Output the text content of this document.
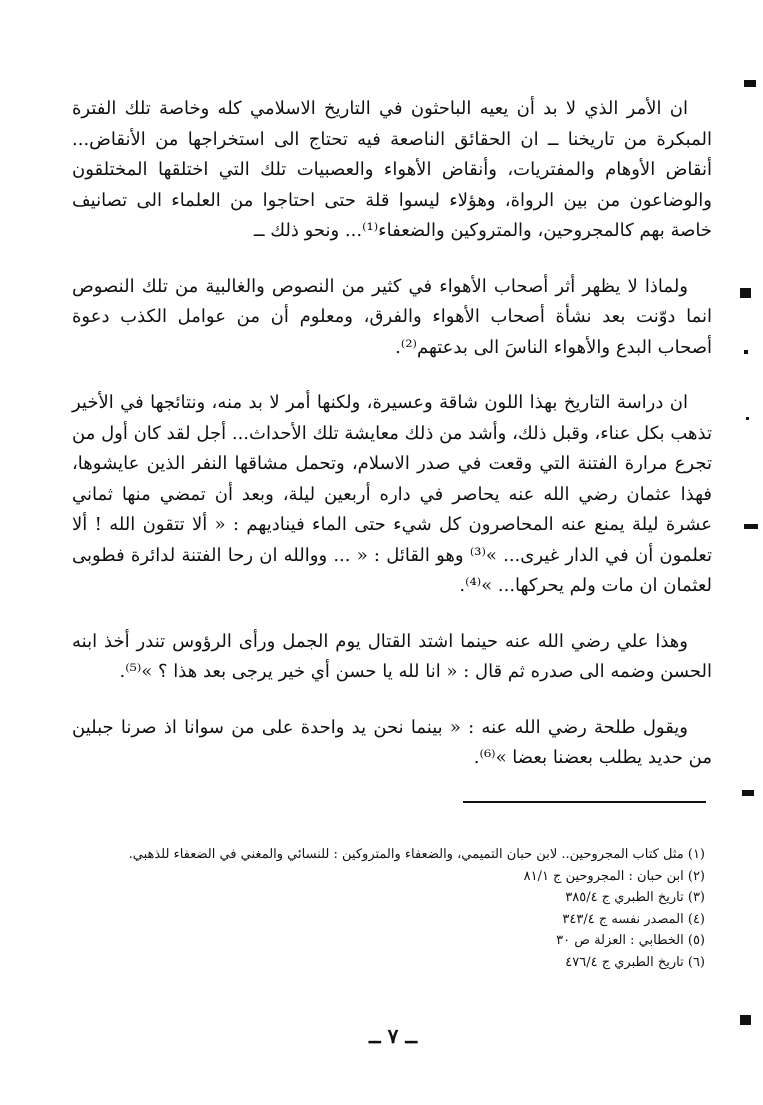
ان الأمر الذي لا بد أن يعيه الباحثون في التاريخ الاسلامي كله وخاصة تلك الفترة المبكرة من تاريخنا ــ ان الحقائق الناصعة فيه تحتاج الى استخراجها من الأنقاض... أنقاض الأوهام والمفتريات، وأنقاض الأهواء والعصبيات تلك التي اختلقها المختلقون والوضاعون من بين الرواة، وهؤلاء ليسوا قلة حتى احتاجوا من العلماء الى تصانيف خاصة بهم كالمجروحين، والمتروكين والضعفاء⁽¹⁾... ونحو ذلك ــ

ولماذا لا يظهر أثر أصحاب الأهواء في كثير من النصوص والغالبية من تلك النصوص انما دوّنت بعد نشأة أصحاب الأهواء والفرق، ومعلوم أن من عوامل الكذب دعوة أصحاب البدع والأهواء الناسَ الى بدعتهم⁽²⁾.

ان دراسة التاريخ بهذا اللون شاقة وعسيرة، ولكنها أمر لا بد منه، ونتائجها في الأخير تذهب بكل عناء، وقبل ذلك، وأشد من ذلك معايشة تلك الأحداث... أجل لقد كان أول من تجرع مرارة الفتنة التي وقعت في صدر الاسلام، وتحمل مشاقها النفر الذين عايشوها، فهذا عثمان رضي الله عنه يحاصر في داره أربعين ليلة، وبعد أن تمضي منها ثماني عشرة ليلة يمنع عنه المحاصرون كل شيء حتى الماء فيناديهم : « ألا تتقون الله ! ألا تعلمون أن في الدار غيرى... »⁽³⁾ وهو القائل : « ... ووالله ان رحا الفتنة لدائرة فطوبى لعثمان ان مات ولم يحركها... »⁽⁴⁾.

وهذا علي رضي الله عنه حينما اشتد القتال يوم الجمل ورأى الرؤوس تندر أخذ ابنه الحسن وضمه الى صدره ثم قال : « انا لله يا حسن أي خير يرجى بعد هذا ؟ »⁽⁵⁾.

ويقول طلحة رضي الله عنه : « بينما نحن يد واحدة على من سوانا اذ صرنا جبلين من حديد يطلب بعضنا بعضا »⁽⁶⁾.

(١) مثل كتاب المجروحين.. لابن حبان التميمي، والضعفاء والمتروكين : للنسائي والمغني في الضعفاء للذهبي.
(٢) ابن حبان : المجروحين ج ٨١/١
(٣) تاريخ الطبري ج ٣٨٥/٤
(٤) المصدر نفسه ج ٣٤٣/٤
(٥) الخطابي : العزلة ص ٣٠
(٦) تاريخ الطبري ج ٤٧٦/٤
ــ ٧ ــ
